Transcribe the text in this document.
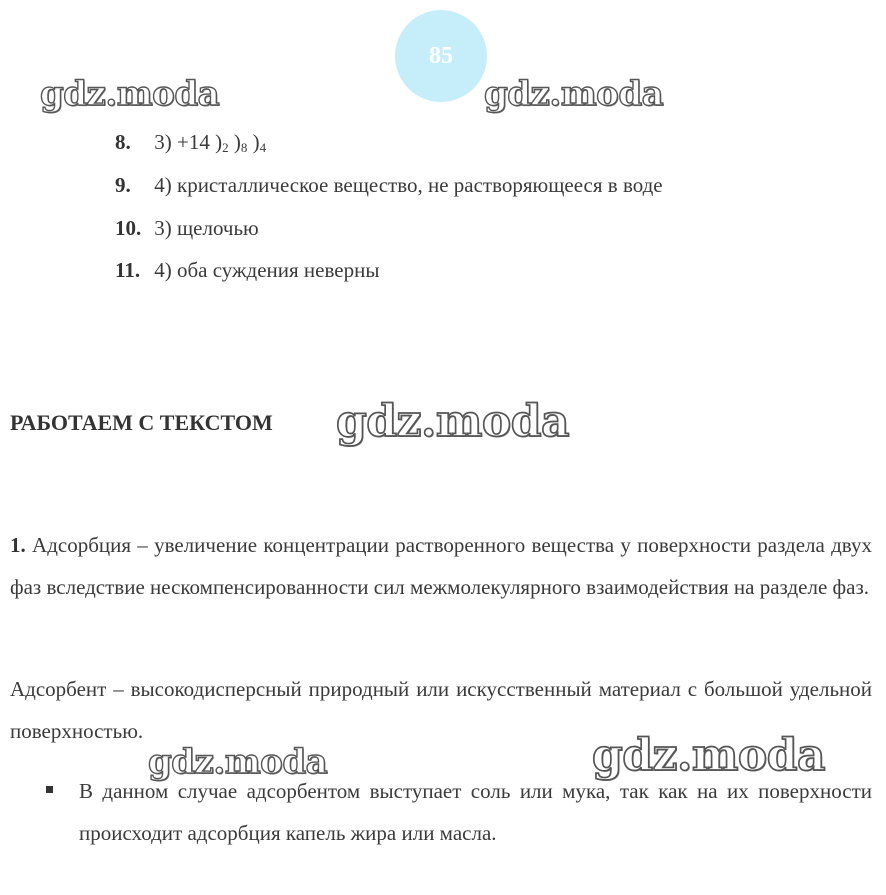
85
gdz.moda	gdz.moda
8. 3) +14 )$_2$ )$_8$ )$_4$
9. 4) кристаллическое вещество, не растворяющееся в воде
10. 3) щелочью
11. 4) оба суждения неверны
РАБОТАЕМ С ТЕКСТОМ gdz.moda
1. Адсорбция – увеличение концентрации растворенного вещества у поверхности раздела двух фаз вследствие нескомпенсированности сил межмолекулярного взаимодействия на разделе фаз.
Адсорбент – высокодисперсный природный или искусственный материал с большой удельной поверхностью.
gdz.moda	gdz.moda
В данном случае адсорбентом выступает соль или мука, так как на их поверхности происходит адсорбция капель жира или масла.
